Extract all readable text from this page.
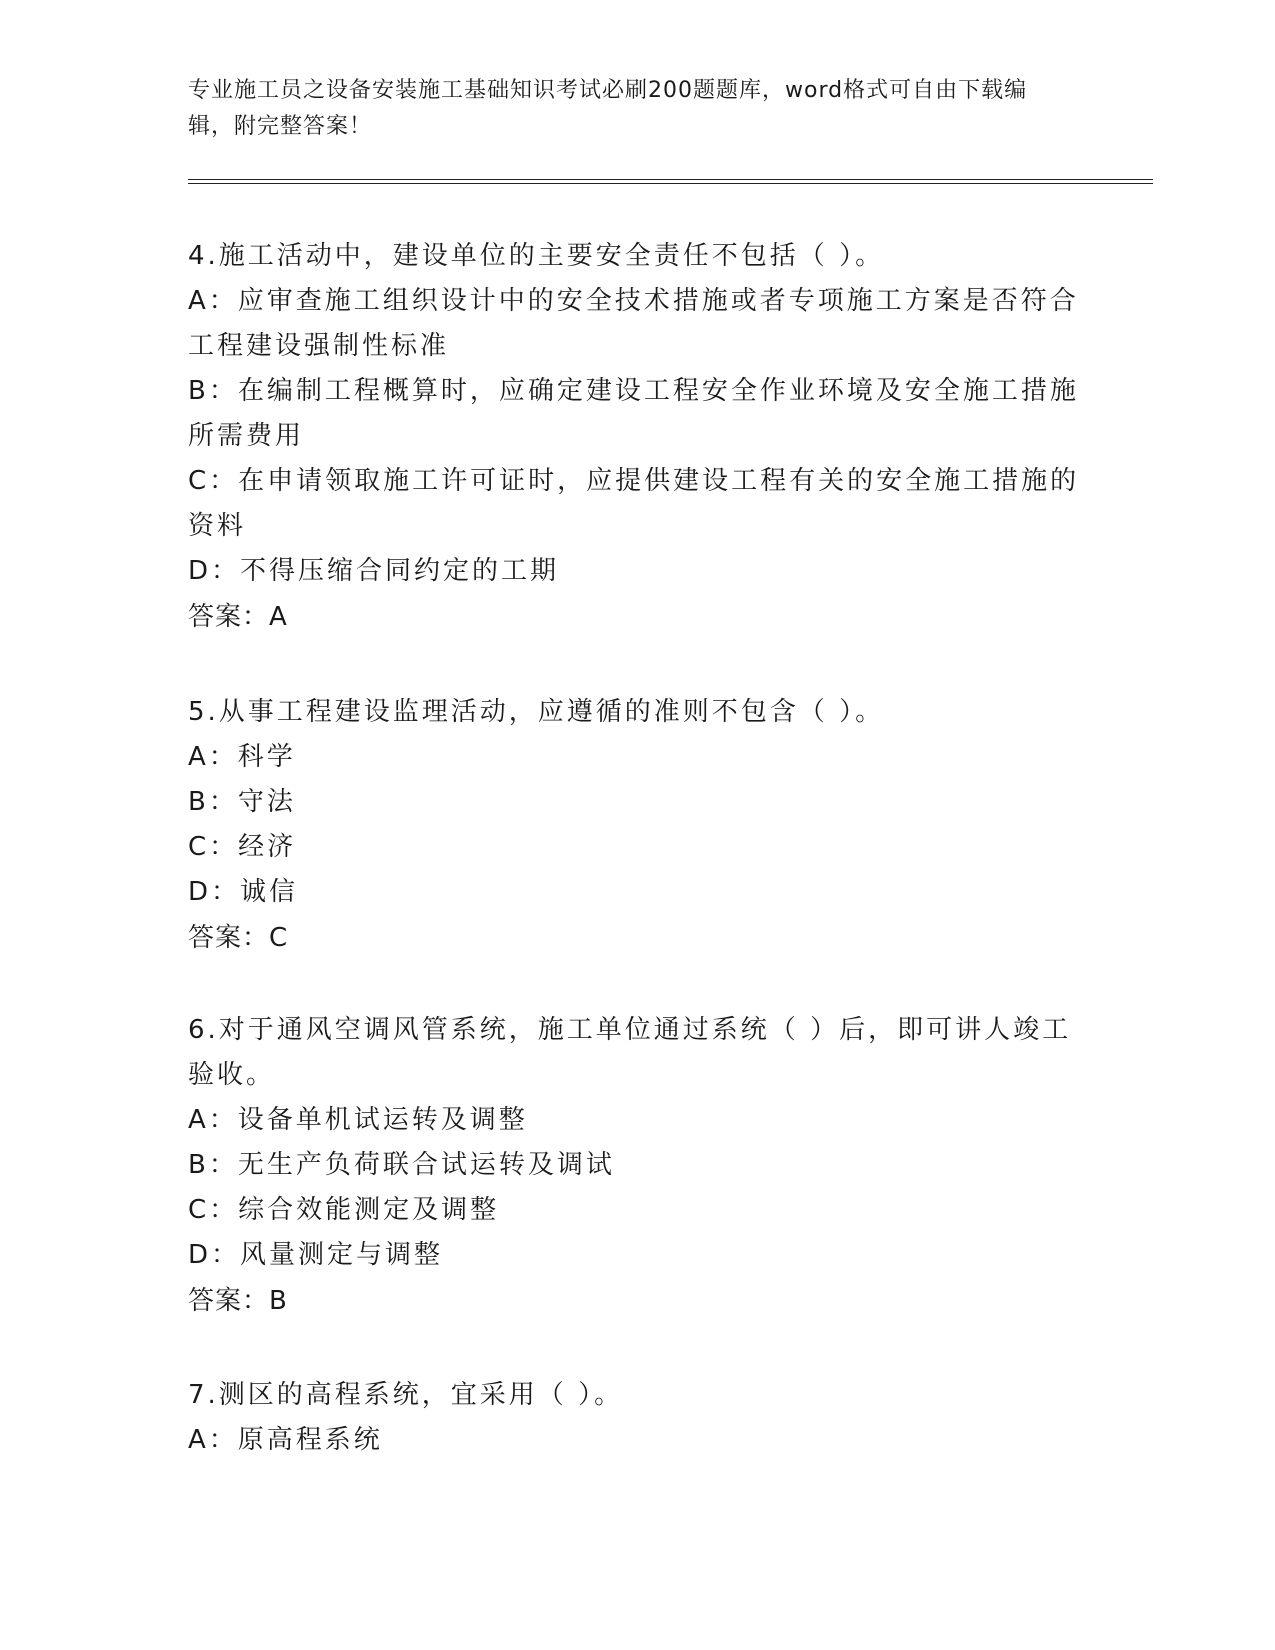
专业施工员之设备安装施工基础知识考试必刷200题题库，word格式可自由下载编辑，附完整答案！
4.施工活动中，建设单位的主要安全责任不包括（ ）。
A：应审查施工组织设计中的安全技术措施或者专项施工方案是否符合
工程建设强制性标准
B：在编制工程概算时，应确定建设工程安全作业环境及安全施工措施
所需费用
C：在申请领取施工许可证时，应提供建设工程有关的安全施工措施的
资料
D：不得压缩合同约定的工期
答案：A
5.从事工程建设监理活动，应遵循的准则不包含（ ）。
A：科学
B：守法
C：经济
D：诚信
答案：C
6.对于通风空调风管系统，施工单位通过系统（ ）后，即可讲人竣工
验收。
A：设备单机试运转及调整
B：无生产负荷联合试运转及调试
C：综合效能测定及调整
D：风量测定与调整
答案：B
7.测区的高程系统，宜采用（ ）。
A：原高程系统
